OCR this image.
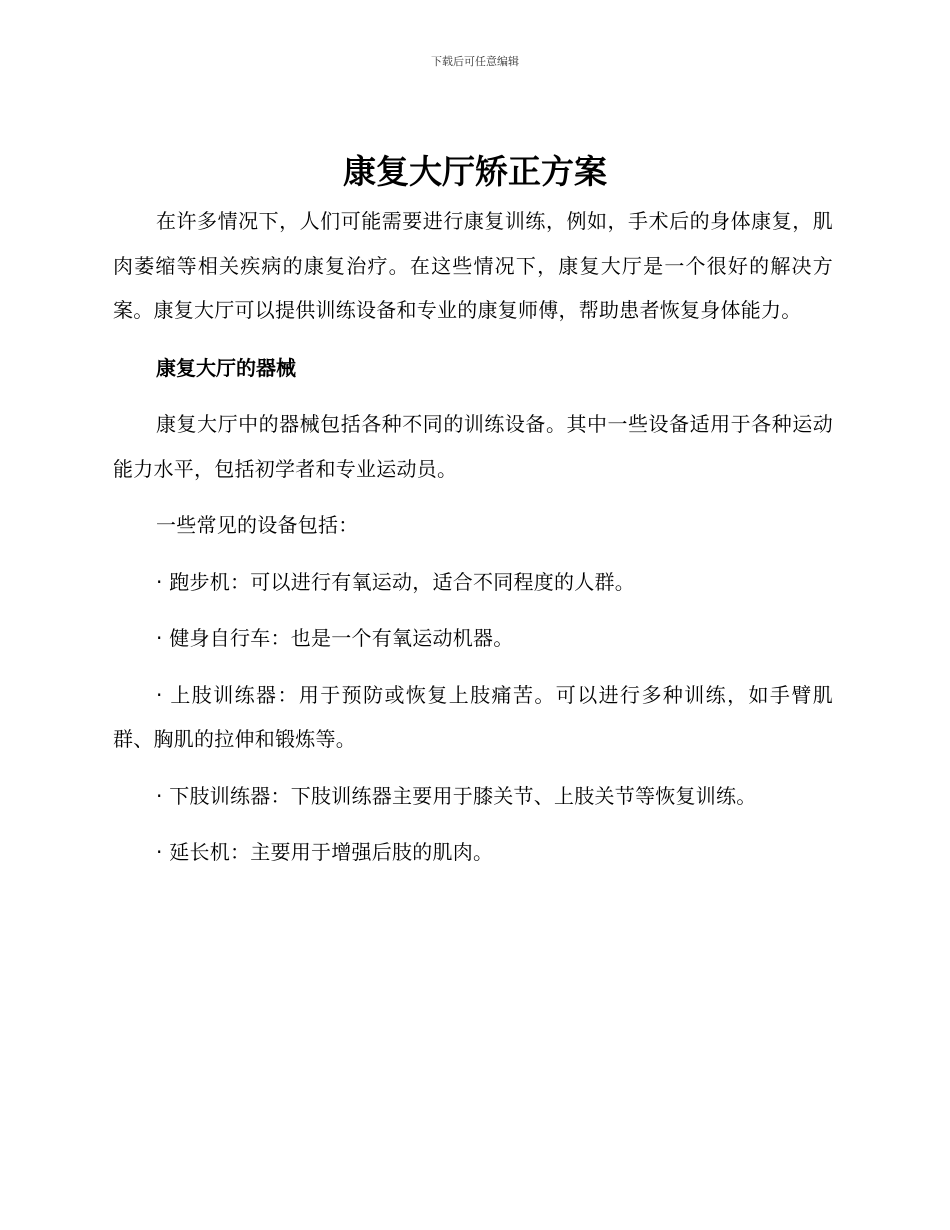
下载后可任意编辑
康复大厅矫正方案

在许多情况下，人们可能需要进行康复训练，例如，手术后的身体康复，肌肉萎缩等相关疾病的康复治疗。在这些情况下，康复大厅是一个很好的解决方案。康复大厅可以提供训练设备和专业的康复师傅，帮助患者恢复身体能力。

康复大厅的器械

康复大厅中的器械包括各种不同的训练设备。其中一些设备适用于各种运动能力水平，包括初学者和专业运动员。

一些常见的设备包括：

· 跑步机：可以进行有氧运动，适合不同程度的人群。

· 健身自行车：也是一个有氧运动机器。

· 上肢训练器：用于预防或恢复上肢痛苦。可以进行多种训练，如手臂肌群、胸肌的拉伸和锻炼等。

· 下肢训练器：下肢训练器主要用于膝关节、上肢关节等恢复训练。

· 延长机：主要用于增强后肢的肌肉。
